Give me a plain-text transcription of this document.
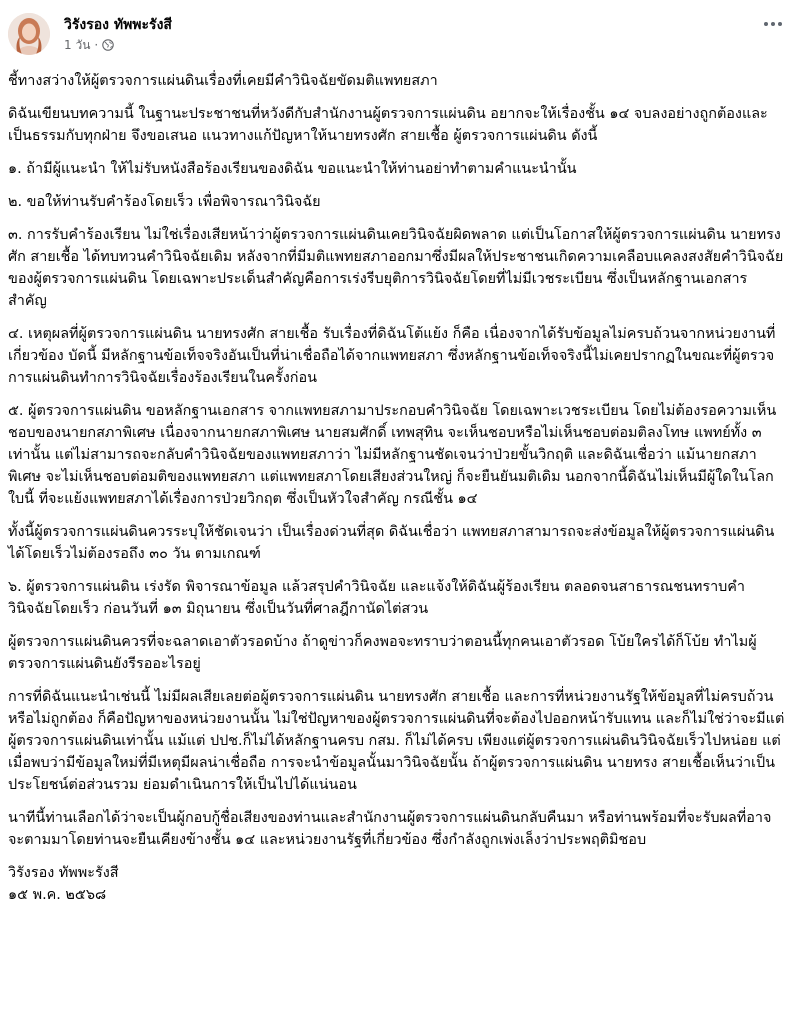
วิรังรอง ทัพพะรังสี
1 วัน ·

ชี้ทางสว่างให้ผู้ตรวจการแผ่นดินเรื่องที่เคยมีคำวินิจฉัยขัดมติแพทยสภา

ดิฉันเขียนบทความนี้ ในฐานะประชาชนที่หวังดีกับสำนักงานผู้ตรวจการแผ่นดิน อยากจะให้เรื่องชั้น ๑๔ จบลงอย่างถูกต้องและเป็นธรรมกับทุกฝ่าย จึงขอเสนอ แนวทางแก้ปัญหาให้นายทรงศัก สายเชื้อ ผู้ตรวจการแผ่นดิน ดังนี้

๑. ถ้ามีผู้แนะนำ ให้ไม่รับหนังสือร้องเรียนของดิฉัน ขอแนะนำให้ท่านอย่าทำตามคำแนะนำนั้น

๒. ขอให้ท่านรับคำร้องโดยเร็ว เพื่อพิจารณาวินิจฉัย

๓. การรับคำร้องเรียน ไม่ใช่เรื่องเสียหน้าว่าผู้ตรวจการแผ่นดินเคยวินิจฉัยผิดพลาด แต่เป็นโอกาสให้ผู้ตรวจการแผ่นดิน นายทรงศัก สายเชื้อ ได้ทบทวนคำวินิจฉัยเดิม หลังจากที่มีมติแพทยสภาออกมาซึ่งมีผลให้ประชาชนเกิดความเคลือบแคลงสงสัยคำวินิจฉัยของผู้ตรวจการแผ่นดิน โดยเฉพาะประเด็นสำคัญคือการเร่งรีบยุติการวินิจฉัยโดยที่ไม่มีเวชระเบียน ซึ่งเป็นหลักฐานเอกสารสำคัญ

๔. เหตุผลที่ผู้ตรวจการแผ่นดิน นายทรงศัก สายเชื้อ รับเรื่องที่ดิฉันโต้แย้ง ก็คือ เนื่องจากได้รับข้อมูลไม่ครบถ้วนจากหน่วยงานที่เกี่ยวข้อง บัดนี้ มีหลักฐานข้อเท็จจริงอันเป็นที่น่าเชื่อถือได้จากแพทยสภา ซึ่งหลักฐานข้อเท็จจริงนี้ไม่เคยปรากฏในขณะที่ผู้ตรวจการแผ่นดินทำการวินิจฉัยเรื่องร้องเรียนในครั้งก่อน

๕. ผู้ตรวจการแผ่นดิน ขอหลักฐานเอกสาร จากแพทยสภามาประกอบคำวินิจฉัย โดยเฉพาะเวชระเบียน โดยไม่ต้องรอความเห็นชอบของนายกสภาพิเศษ เนื่องจากนายกสภาพิเศษ นายสมศักดิ์ เทพสุทิน จะเห็นชอบหรือไม่เห็นชอบต่อมติลงโทษ แพทย์ทั้ง ๓ เท่านั้น แต่ไม่สามารถจะกลับคำวินิจฉัยของแพทยสภาว่า ไม่มีหลักฐานชัดเจนว่าป่วยขั้นวิกฤติ และดิฉันเชื่อว่า แม้นายกสภาพิเศษ จะไม่เห็นชอบต่อมติของแพทยสภา แต่แพทยสภาโดยเสียงส่วนใหญ่ ก็จะยืนยันมติเดิม นอกจากนี้ดิฉันไม่เห็นมีผู้ใดในโลกใบนี้ ที่จะแย้งแพทยสภาได้เรื่องการป่วยวิกฤต ซึ่งเป็นหัวใจสำคัญ กรณีชั้น ๑๔

ทั้งนี้ผู้ตรวจการแผ่นดินควรระบุให้ชัดเจนว่า เป็นเรื่องด่วนที่สุด ดิฉันเชื่อว่า แพทยสภาสามารถจะส่งข้อมูลให้ผู้ตรวจการแผ่นดิน ได้โดยเร็วไม่ต้องรอถึง ๓๐ วัน ตามเกณฑ์

๖. ผู้ตรวจการแผ่นดิน เร่งรัด พิจารณาข้อมูล แล้วสรุปคำวินิจฉัย และแจ้งให้ดิฉันผู้ร้องเรียน ตลอดจนสาธารณชนทราบคำวินิจฉัยโดยเร็ว ก่อนวันที่ ๑๓ มิถุนายน ซึ่งเป็นวันที่ศาลฎีกานัดไต่สวน

ผู้ตรวจการแผ่นดินควรที่จะฉลาดเอาตัวรอดบ้าง ถ้าดูข่าวก็คงพอจะทราบว่าตอนนี้ทุกคนเอาตัวรอด โบ้ยใครได้ก็โบ้ย ทำไมผู้ตรวจการแผ่นดินยังรีรออะไรอยู่

การที่ดิฉันแนะนำเช่นนี้ ไม่มีผลเสียเลยต่อผู้ตรวจการแผ่นดิน นายทรงศัก สายเชื้อ และการที่หน่วยงานรัฐให้ข้อมูลที่ไม่ครบถ้วน หรือไม่ถูกต้อง ก็คือปัญหาของหน่วยงานนั้น ไม่ใช่ปัญหาของผู้ตรวจการแผ่นดินที่จะต้องไปออกหน้ารับแทน และก็ไม่ใช่ว่าจะมีแต่ผู้ตรวจการแผ่นดินเท่านั้น แม้แต่ ปปช.ก็ไม่ได้หลักฐานครบ กสม. ก็ไม่ได้ครบ เพียงแต่ผู้ตรวจการแผ่นดินวินิจฉัยเร็วไปหน่อย แต่เมื่อพบว่ามีข้อมูลใหม่ที่มีเหตุมีผลน่าเชื่อถือ การจะนำข้อมูลนั้นมาวินิจฉัยนั้น ถ้าผู้ตรวจการแผ่นดิน นายทรง สายเชื้อเห็นว่าเป็นประโยชน์ต่อส่วนรวม ย่อมดำเนินการให้เป็นไปได้แน่นอน

นาทีนี้ท่านเลือกได้ว่าจะเป็นผู้กอบกู้ชื่อเสียงของท่านและสำนักงานผู้ตรวจการแผ่นดินกลับคืนมา หรือท่านพร้อมที่จะรับผลที่อาจจะตามมาโดยท่านจะยืนเคียงข้างชั้น ๑๔ และหน่วยงานรัฐที่เกี่ยวข้อง ซึ่งกำลังถูกเพ่งเล็งว่าประพฤติมิชอบ

วิรังรอง ทัพพะรังสี
๑๕ พ.ค. ๒๕๖๘
